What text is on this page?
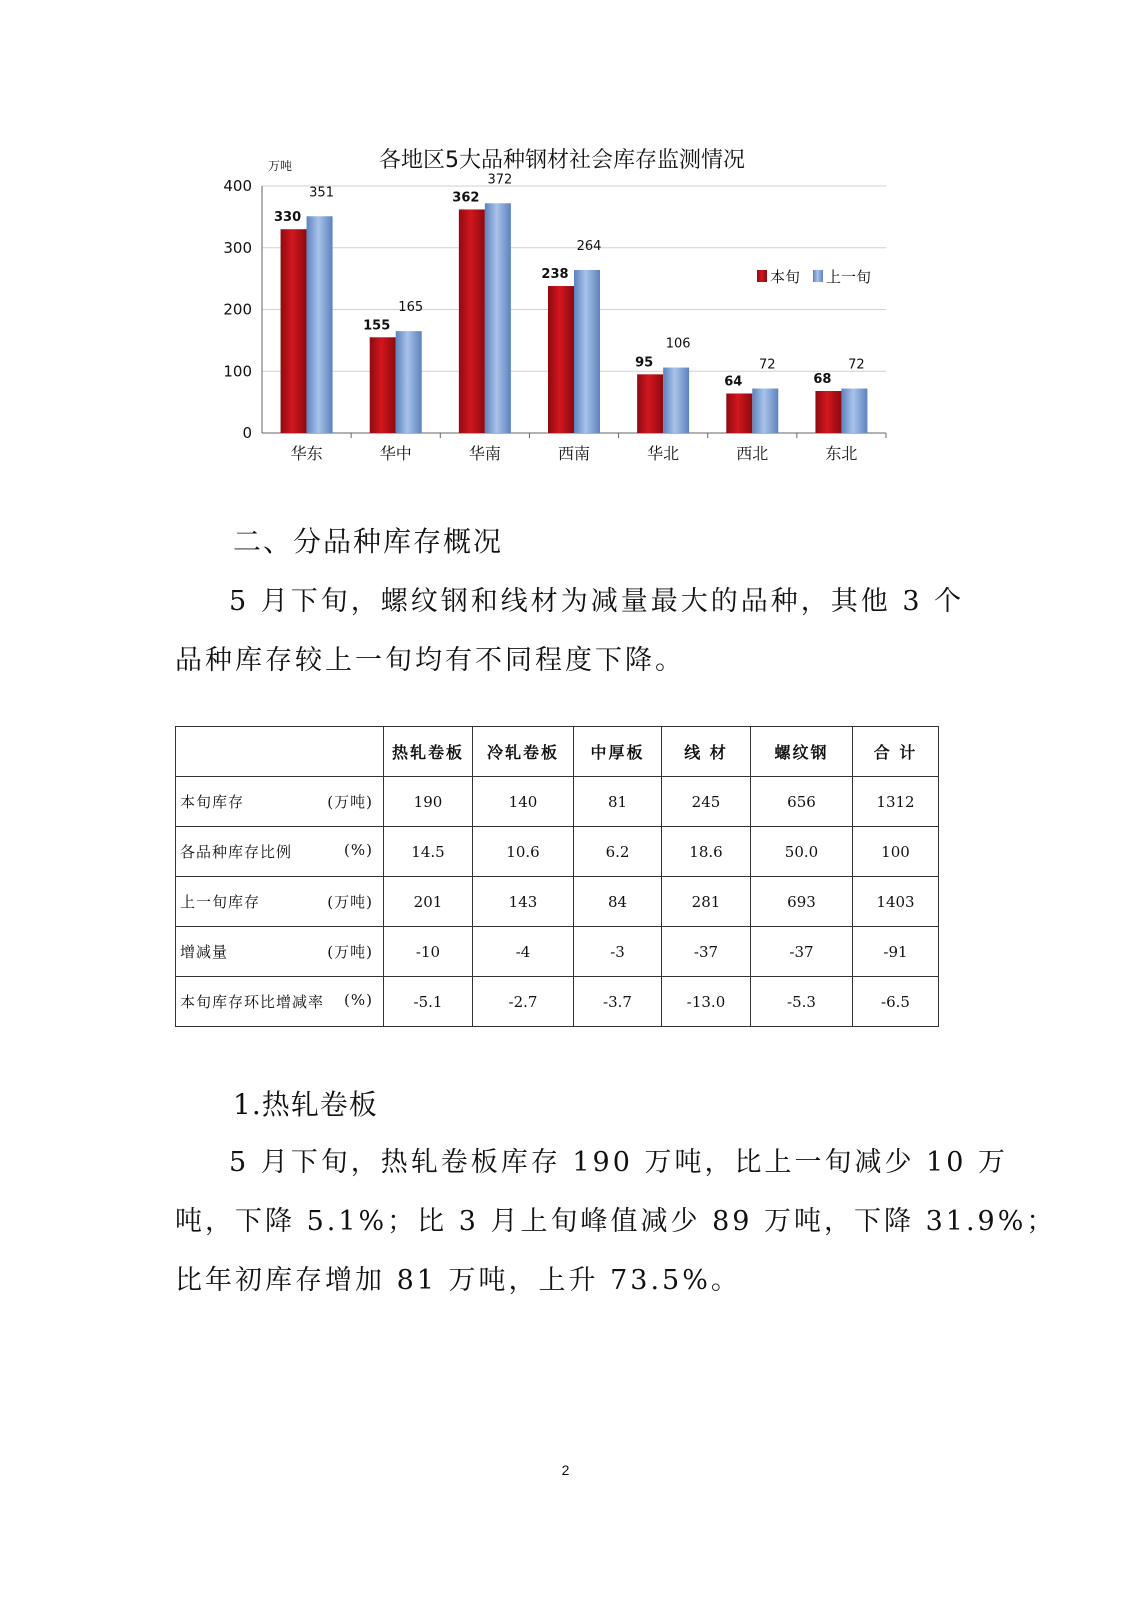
各地区5大品种钢材社会库存监测情况
万吨
0
100
200
300
400
华东	华中	华南	西南	华北	西北	东北
330
351
155
165
362
372
238
264
95
106
64
72
68
72
本旬 上一旬
二、分品种库存概况

5 月下旬，螺纹钢和线材为减量最大的品种，其他 3 个
品种库存较上一旬均有不同程度下降。

	热轧卷板	冷轧卷板	中厚板	线 材	螺纹钢	合 计

本旬库存 (万吨)	190	140	81	245	656	1312

各品种库存比例 (%)	14.5	10.6	6.2	18.6	50.0	100

上一旬库存 (万吨)	201	143	84	281	693	1403

增减量 (万吨)	-10	-4	-3	-37	-37	-91

本旬库存环比增减率 (%)	-5.1	-2.7	-3.7	-13.0	-5.3	-6.5
1.热轧卷板

5 月下旬，热轧卷板库存 190 万吨，比上一旬减少 10 万
吨，下降 5.1%；比 3 月上旬峰值减少 89 万吨，下降 31.9%；
比年初库存增加 81 万吨，上升 73.5%。

2
